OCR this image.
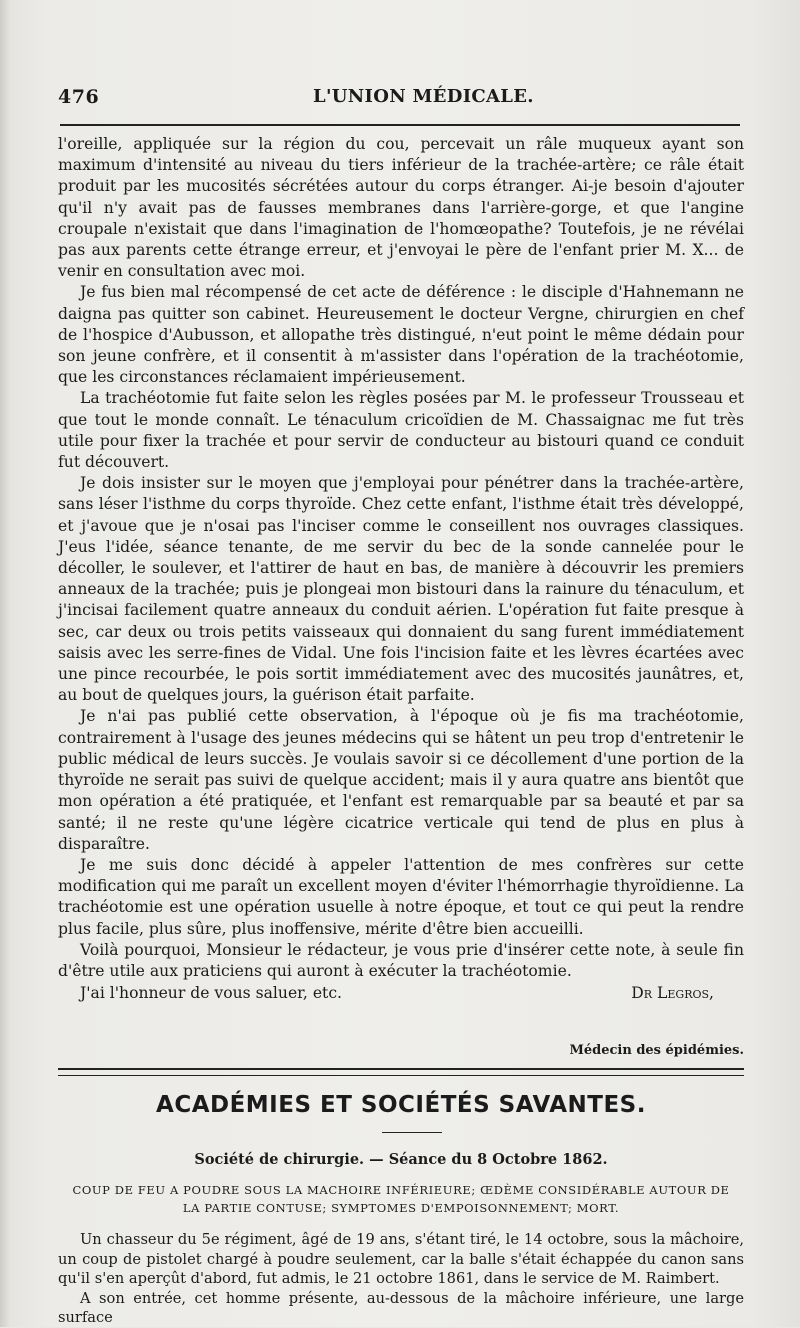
476	L'UNION MÉDICALE.

l'oreille, appliquée sur la région du cou, percevait un râle muqueux ayant son maximum d'intensité au niveau du tiers inférieur de la trachée-artère; ce râle était produit par les mucosités sécrétées autour du corps étranger. Ai-je besoin d'ajouter qu'il n'y avait pas de fausses membranes dans l'arrière-gorge, et que l'angine croupale n'existait que dans l'imagination de l'homœopathe? Toutefois, je ne révélai pas aux parents cette étrange erreur, et j'envoyai le père de l'enfant prier M. X... de venir en consultation avec moi.

Je fus bien mal récompensé de cet acte de déférence : le disciple d'Hahnemann ne daigna pas quitter son cabinet. Heureusement le docteur Vergne, chirurgien en chef de l'hospice d'Aubusson, et allopathe très distingué, n'eut point le même dédain pour son jeune confrère, et il consentit à m'assister dans l'opération de la trachéotomie, que les circonstances réclamaient impérieusement.

La trachéotomie fut faite selon les règles posées par M. le professeur Trousseau et que tout le monde connaît. Le ténaculum cricoïdien de M. Chassaignac me fut très utile pour fixer la trachée et pour servir de conducteur au bistouri quand ce conduit fut découvert.

Je dois insister sur le moyen que j'employai pour pénétrer dans la trachée-artère, sans léser l'isthme du corps thyroïde. Chez cette enfant, l'isthme était très développé, et j'avoue que je n'osai pas l'inciser comme le conseillent nos ouvrages classiques. J'eus l'idée, séance tenante, de me servir du bec de la sonde cannelée pour le décoller, le soulever, et l'attirer de haut en bas, de manière à découvrir les premiers anneaux de la trachée; puis je plongeai mon bistouri dans la rainure du ténaculum, et j'incisai facilement quatre anneaux du conduit aérien. L'opération fut faite presque à sec, car deux ou trois petits vaisseaux qui donnaient du sang furent immédiatement saisis avec les serre-fines de Vidal. Une fois l'incision faite et les lèvres écartées avec une pince recourbée, le pois sortit immédiatement avec des mucosités jaunâtres, et, au bout de quelques jours, la guérison était parfaite.

Je n'ai pas publié cette observation, à l'époque où je fis ma trachéotomie, contrairement à l'usage des jeunes médecins qui se hâtent un peu trop d'entretenir le public médical de leurs succès. Je voulais savoir si ce décollement d'une portion de la thyroïde ne serait pas suivi de quelque accident; mais il y aura quatre ans bientôt que mon opération a été pratiquée, et l'enfant est remarquable par sa beauté et par sa santé; il ne reste qu'une légère cicatrice verticale qui tend de plus en plus à disparaître.

Je me suis donc décidé à appeler l'attention de mes confrères sur cette modification qui me paraît un excellent moyen d'éviter l'hémorrhagie thyroïdienne. La trachéotomie est une opération usuelle à notre époque, et tout ce qui peut la rendre plus facile, plus sûre, plus inoffensive, mérite d'être bien accueilli.

Voilà pourquoi, Monsieur le rédacteur, je vous prie d'insérer cette note, à seule fin d'être utile aux praticiens qui auront à exécuter la trachéotomie.

J'ai l'honneur de vous saluer, etc.	Dr Legros,
Médecin des épidémies.
ACADÉMIES ET SOCIÉTÉS SAVANTES.
Société de chirurgie. — Séance du 8 Octobre 1862.
COUP DE FEU A POUDRE SOUS LA MACHOIRE INFÉRIEURE; ŒDÈME CONSIDÉRABLE AUTOUR DE
LA PARTIE CONTUSE; SYMPTOMES D'EMPOISONNEMENT; MORT.

Un chasseur du 5e régiment, âgé de 19 ans, s'étant tiré, le 14 octobre, sous la mâchoire, un coup de pistolet chargé à poudre seulement, car la balle s'était échappée du canon sans qu'il s'en aperçût d'abord, fut admis, le 21 octobre 1861, dans le service de M. Raimbert.

A son entrée, cet homme présente, au-dessous de la mâchoire inférieure, une large surface
